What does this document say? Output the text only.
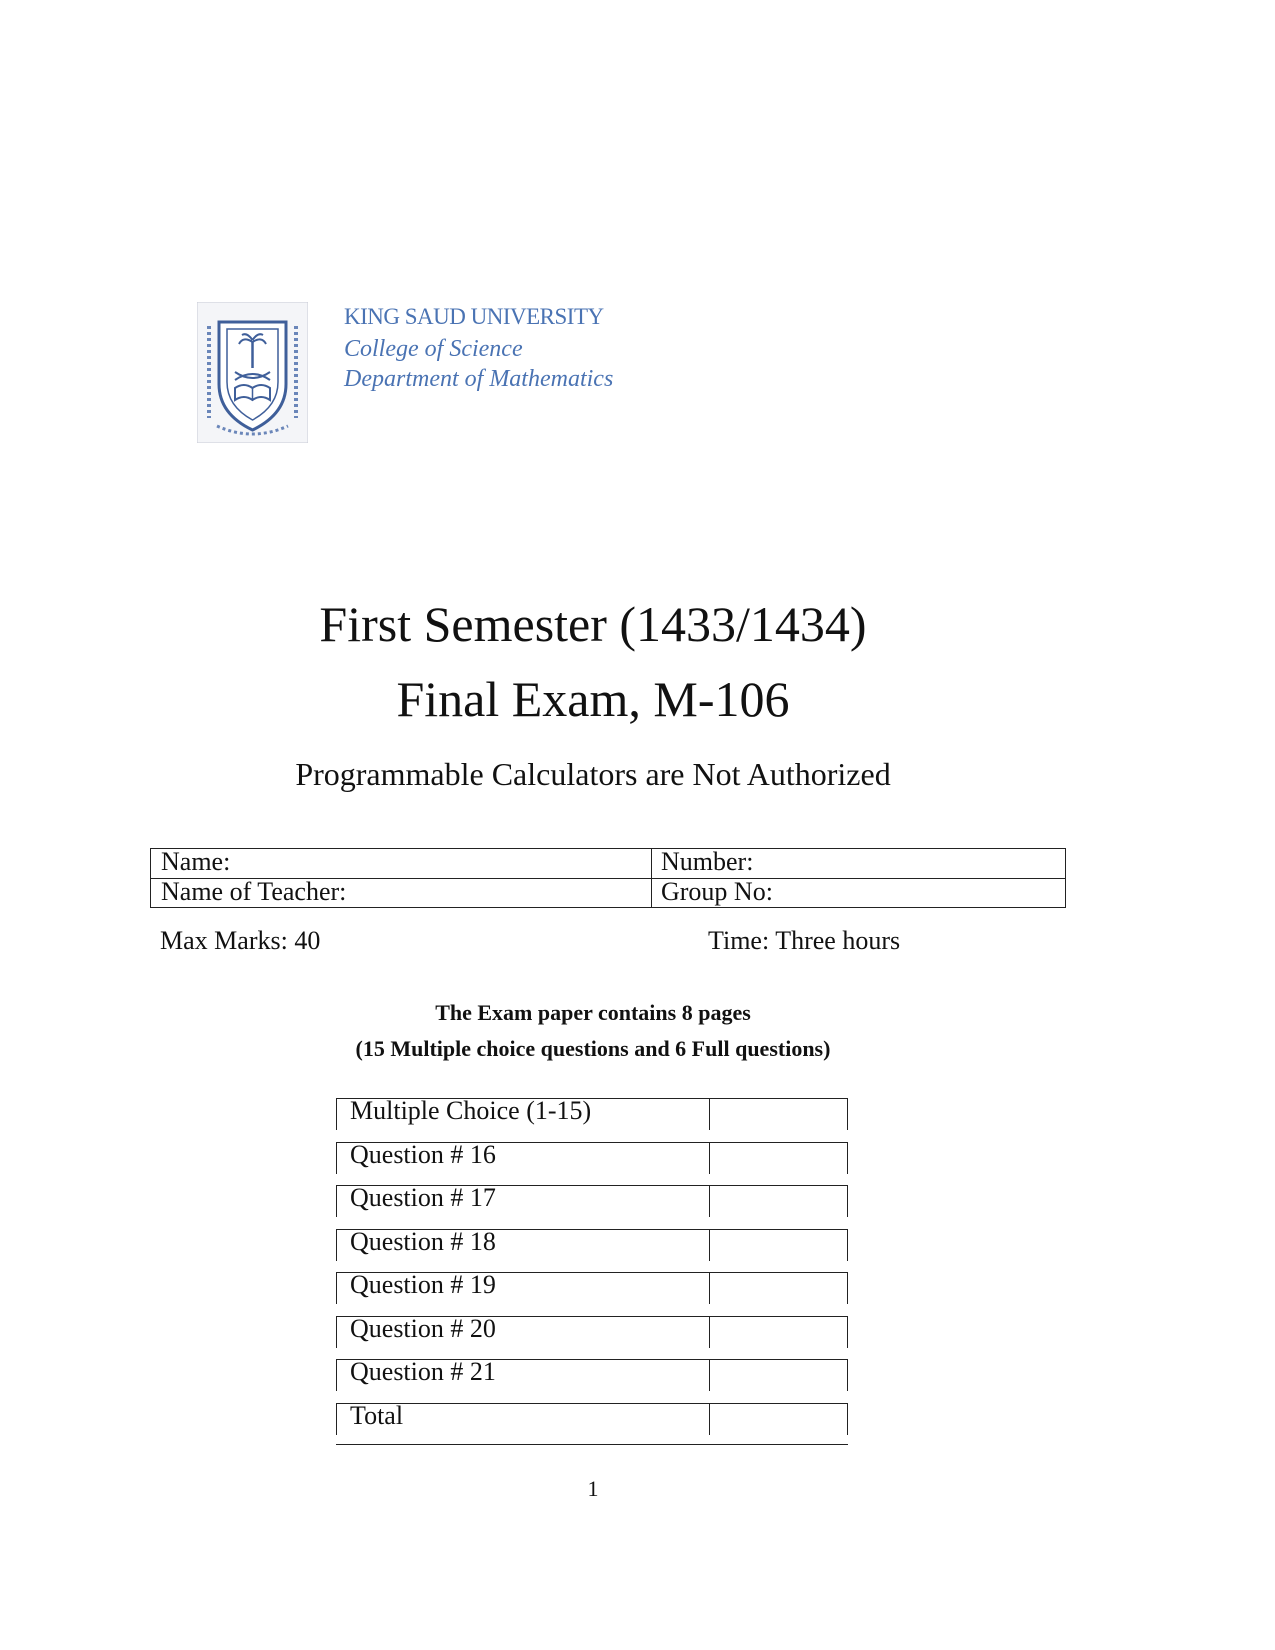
KING SAUD UNIVERSITY
College of Science
Department of Mathematics
First Semester (1433/1434)
Final Exam, M-106
Programmable Calculators are Not Authorized
Name:	Number:
Name of Teacher:	Group No:
Max Marks: 40	Time: Three hours
The Exam paper contains 8 pages
(15 Multiple choice questions and 6 Full questions)
Multiple Choice (1-15)
Question # 16
Question # 17
Question # 18
Question # 19
Question # 20
Question # 21
Total
1
